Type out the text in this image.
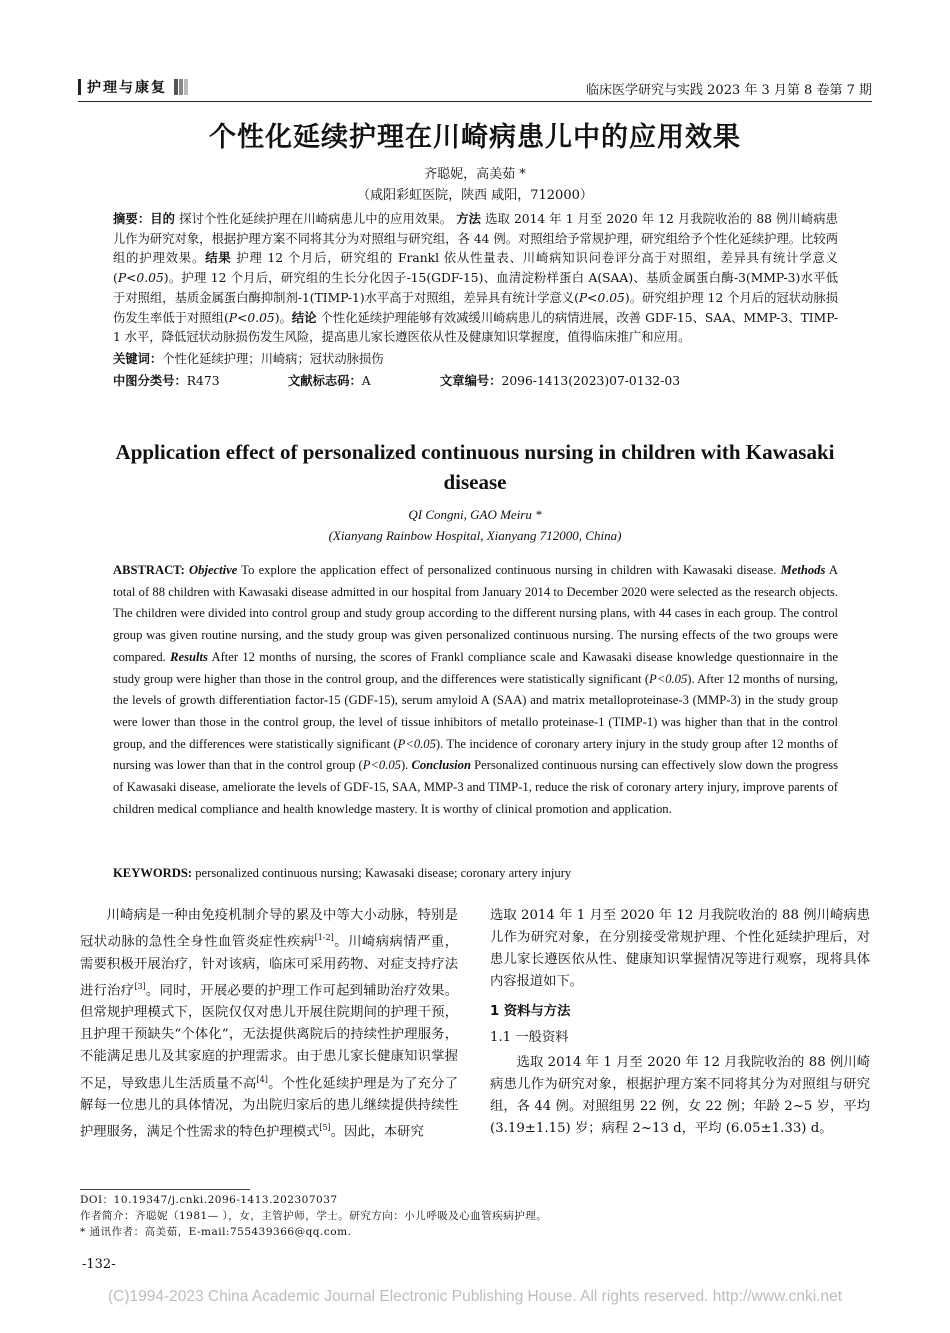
护理与康复	临床医学研究与实践 2023 年 3 月第 8 卷第 7 期
个性化延续护理在川崎病患儿中的应用效果
齐聪妮，高美茹 *
（咸阳彩虹医院，陕西 咸阳，712000）
摘要：目的 探讨个性化延续护理在川崎病患儿中的应用效果。 方法 选取 2014 年 1 月至 2020 年 12 月我院收治的 88 例川崎病患儿作为研究对象，根据护理方案不同将其分为对照组与研究组，各 44 例。对照组给予常规护理，研究组给予个性化延续护理。比较两组的护理效果。结果 护理 12 个月后，研究组的 Frankl 依从性量表、川崎病知识问卷评分高于对照组，差异具有统计学意义(P<0.05)。护理 12 个月后，研究组的生长分化因子-15(GDF-15)、血清淀粉样蛋白 A(SAA)、基质金属蛋白酶-3(MMP-3)水平低于对照组，基质金属蛋白酶抑制剂-1(TIMP-1)水平高于对照组，差异具有统计学意义(P<0.05)。研究组护理 12 个月后的冠状动脉损伤发生率低于对照组(P<0.05)。结论 个性化延续护理能够有效减缓川崎病患儿的病情进展，改善 GDF-15、SAA、MMP-3、TIMP-1 水平，降低冠状动脉损伤发生风险，提高患儿家长遵医依从性及健康知识掌握度，值得临床推广和应用。
关键词：个性化延续护理；川崎病；冠状动脉损伤
中图分类号：R473	文献标志码：A	文章编号：2096-1413(2023)07-0132-03
Application effect of personalized continuous nursing in children with Kawasaki disease
QI Congni, GAO Meiru *
(Xianyang Rainbow Hospital, Xianyang 712000, China)
ABSTRACT: Objective To explore the application effect of personalized continuous nursing in children with Kawasaki disease. Methods A total of 88 children with Kawasaki disease admitted in our hospital from January 2014 to December 2020 were selected as the research objects. The children were divided into control group and study group according to the different nursing plans, with 44 cases in each group. The control group was given routine nursing, and the study group was given personalized continuous nursing. The nursing effects of the two groups were compared. Results After 12 months of nursing, the scores of Frankl compliance scale and Kawasaki disease knowledge questionnaire in the study group were higher than those in the control group, and the differences were statistically significant (P<0.05). After 12 months of nursing, the levels of growth differentiation factor-15 (GDF-15), serum amyloid A (SAA) and matrix metalloproteinase-3 (MMP-3) in the study group were lower than those in the control group, the level of tissue inhibitors of metallo proteinase-1 (TIMP-1) was higher than that in the control group, and the differences were statistically significant (P<0.05). The incidence of coronary artery injury in the study group after 12 months of nursing was lower than that in the control group (P<0.05). Conclusion Personalized continuous nursing can effectively slow down the progress of Kawasaki disease, ameliorate the levels of GDF-15, SAA, MMP-3 and TIMP-1, reduce the risk of coronary artery injury, improve parents of children medical compliance and health knowledge mastery. It is worthy of clinical promotion and application.
KEYWORDS: personalized continuous nursing; Kawasaki disease; coronary artery injury

川崎病是一种由免疫机制介导的累及中等大小动脉，特别是冠状动脉的急性全身性血管炎症性疾病[1-2]。川崎病病情严重，需要积极开展治疗，针对该病，临床可采用药物、对症支持疗法进行治疗[3]。同时，开展必要的护理工作可起到辅助治疗效果。但常规护理模式下，医院仅仅对患儿开展住院期间的护理干预，且护理干预缺失“个体化”，无法提供离院后的持续性护理服务，不能满足患儿及其家庭的护理需求。由于患儿家长健康知识掌握不足，导致患儿生活质量不高[4]。个性化延续护理是为了充分了解每一位患儿的具体情况，为出院归家后的患儿继续提供持续性护理服务，满足个性需求的特色护理模式[5]。因此，本研究

选取 2014 年 1 月至 2020 年 12 月我院收治的 88 例川崎病患儿作为研究对象，在分别接受常规护理、个性化延续护理后，对患儿家长遵医依从性、健康知识掌握情况等进行观察，现将具体内容报道如下。

1 资料与方法
1.1 一般资料

选取 2014 年 1 月至 2020 年 12 月我院收治的 88 例川崎病患儿作为研究对象，根据护理方案不同将其分为对照组与研究组，各 44 例。对照组男 22 例，女 22 例；年龄 2~5 岁，平均 (3.19±1.15) 岁；病程 2~13 d，平均 (6.05±1.33) d。

DOI：10.19347/j.cnki.2096-1413.202307037
作者简介：齐聪妮（1981— ），女，主管护师，学士。研究方向：小儿呼吸及心血管疾病护理。
* 通讯作者：高美茹，E-mail:755439366@qq.com.
-132-
(C)1994-2023 China Academic Journal Electronic Publishing House. All rights reserved. http://www.cnki.net
